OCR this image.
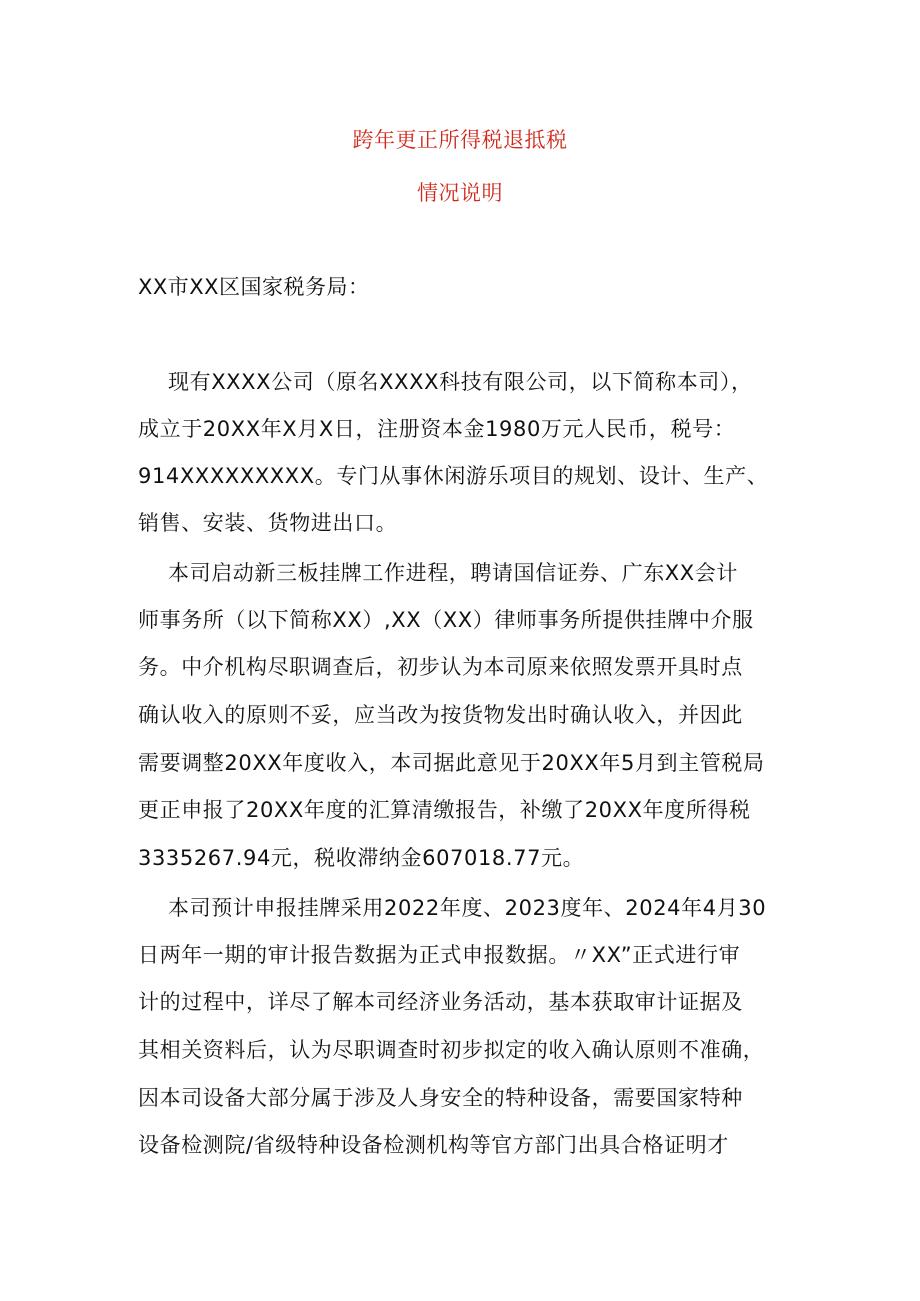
跨年更正所得税退抵税
情况说明
XX市XX区国家税务局：
现有XXXX公司（原名XXXX科技有限公司，以下简称本司），
成立于20XX年X月X日，注册资本金1980万元人民币，税号：
914XXXXXXXXX。专门从事休闲游乐项目的规划、设计、生产、
销售、安装、货物进出口。
本司启动新三板挂牌工作进程，聘请国信证券、广东XX会计
师事务所（以下简称XX）,XX（XX）律师事务所提供挂牌中介服
务。中介机构尽职调查后，初步认为本司原来依照发票开具时点
确认收入的原则不妥，应当改为按货物发出时确认收入，并因此
需要调整20XX年度收入，本司据此意见于20XX年5月到主管税局
更正申报了20XX年度的汇算清缴报告，补缴了20XX年度所得税
3335267.94元，税收滞纳金607018.77元。
本司预计申报挂牌采用2022年度、2023度年、2024年4月30
日两年一期的审计报告数据为正式申报数据。〃XX”正式进行审
计的过程中，详尽了解本司经济业务活动，基本获取审计证据及
其相关资料后，认为尽职调查时初步拟定的收入确认原则不准确，
因本司设备大部分属于涉及人身安全的特种设备，需要国家特种
设备检测院/省级特种设备检测机构等官方部门出具合格证明才
